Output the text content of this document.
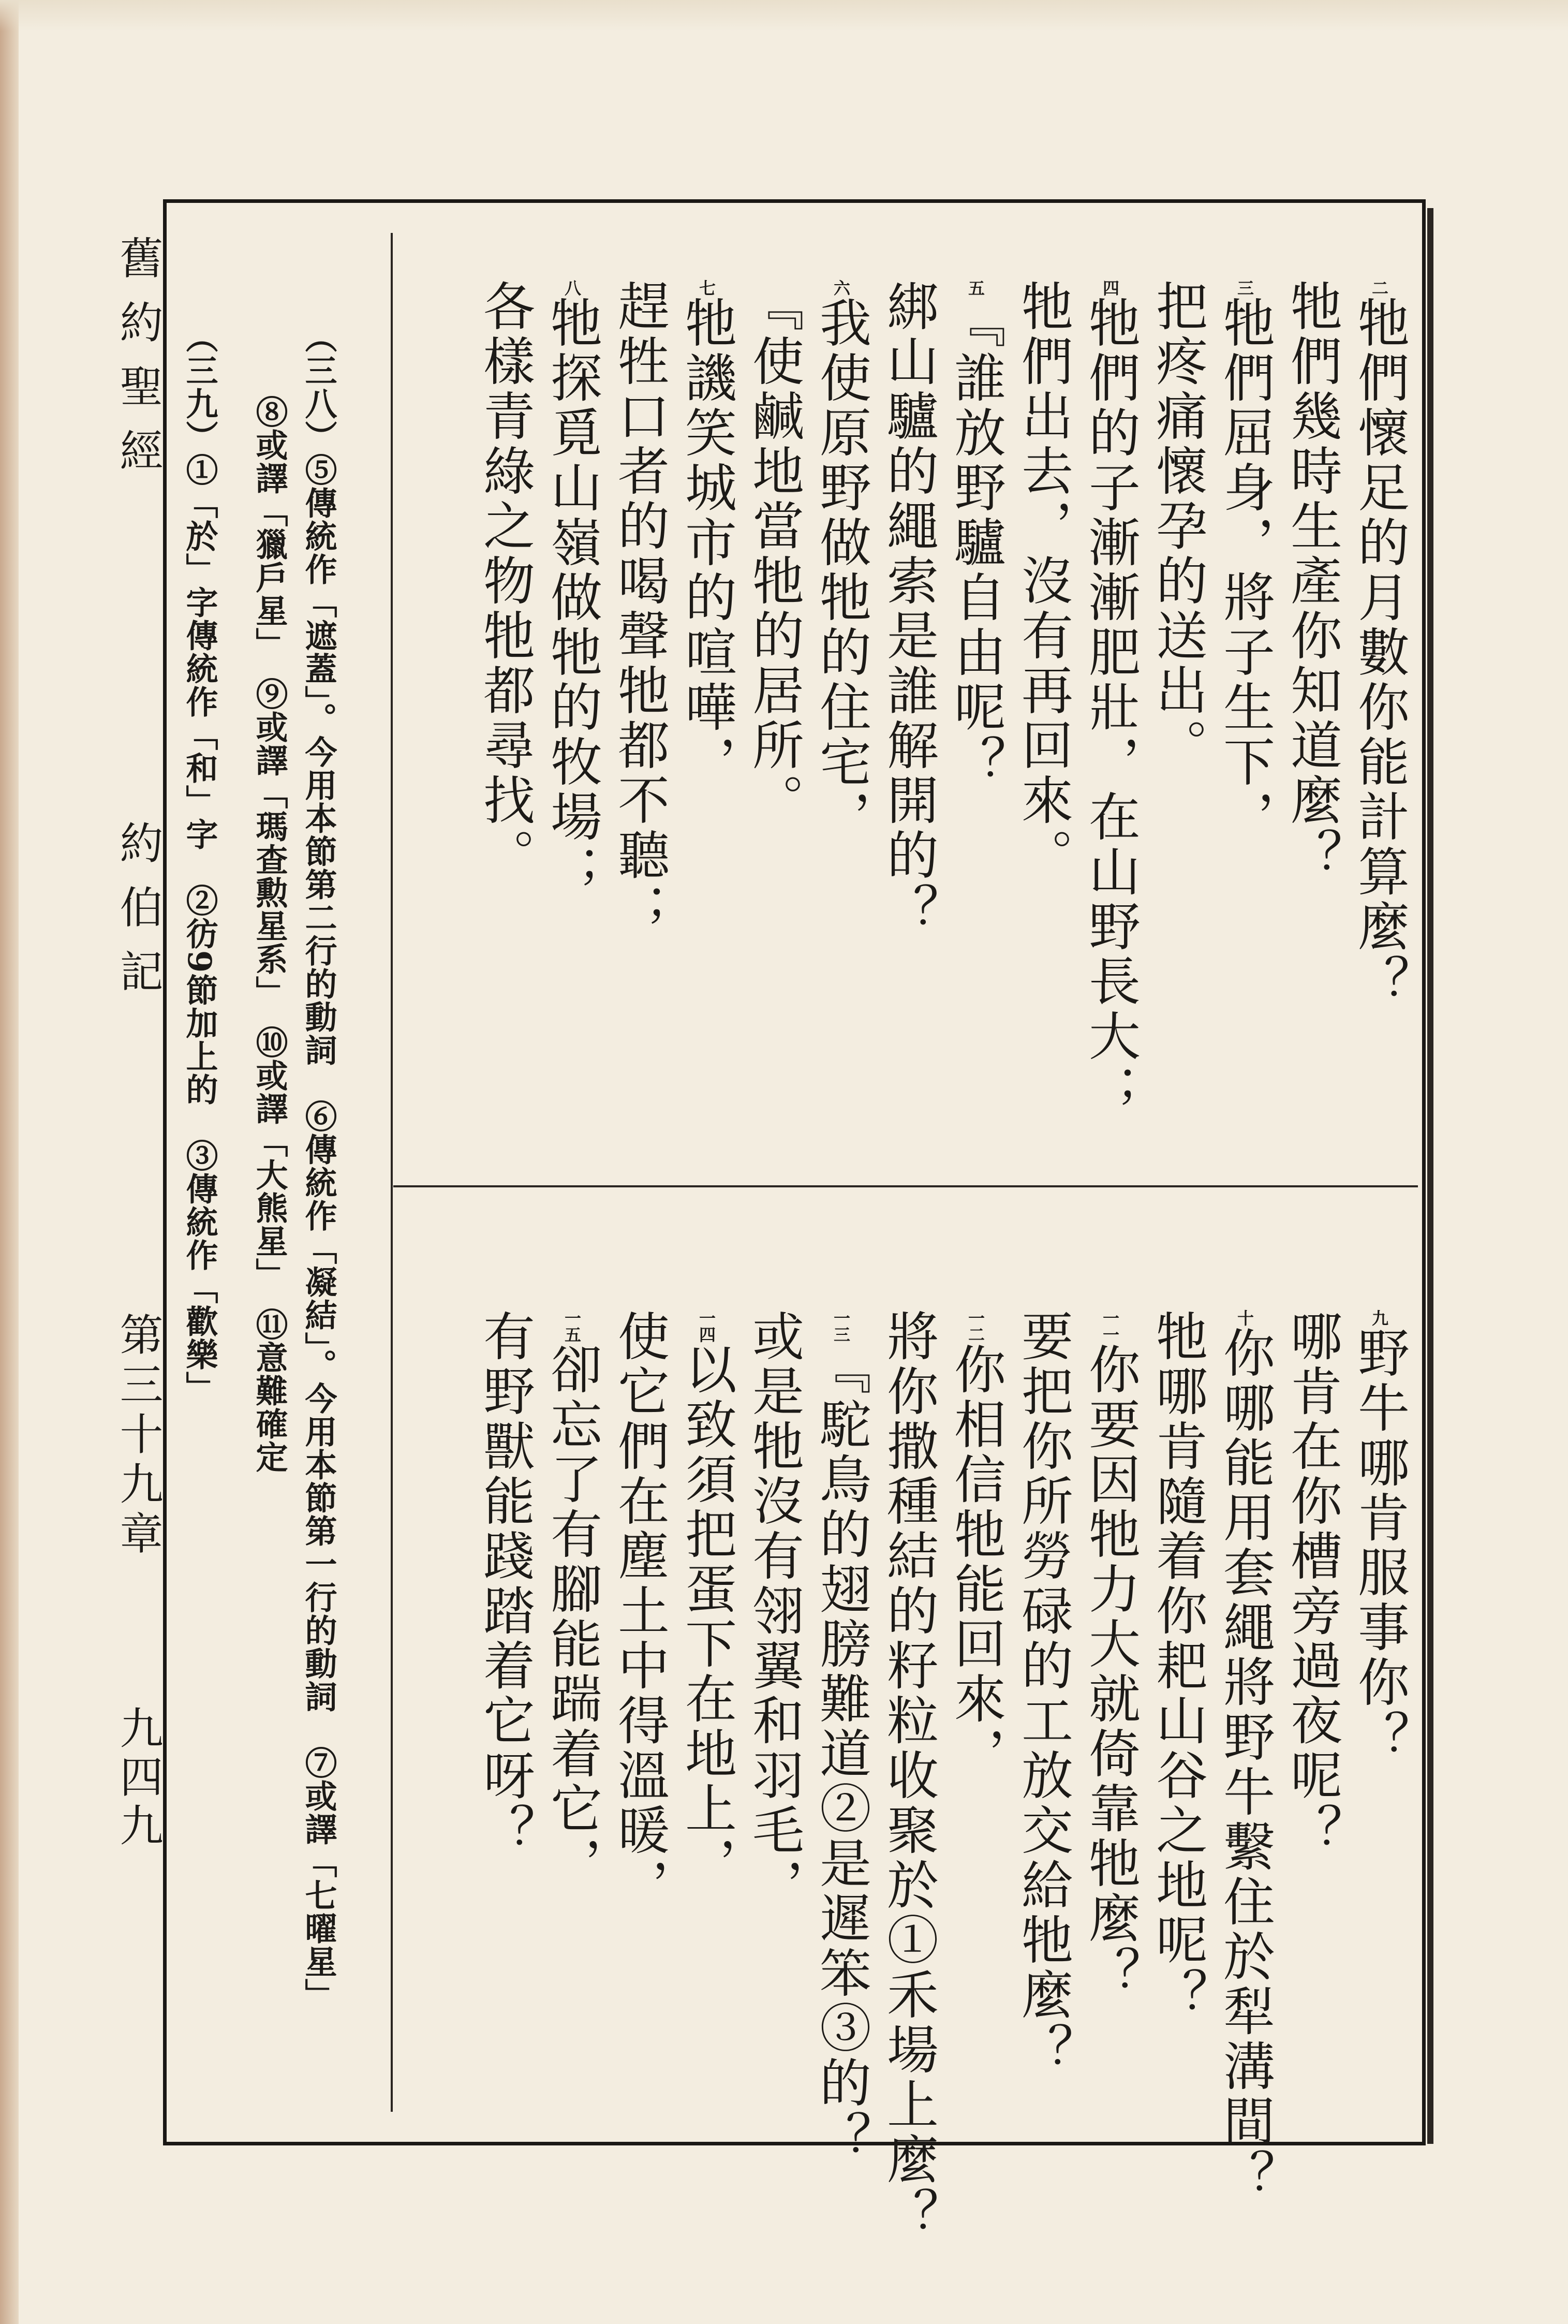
舊約聖經
約伯記
第三十九章
九四九
二牠們懷足的月數你能計算麼？
牠們幾時生產你知道麼？
三牠們屈身，將子生下，
把疼痛懷孕的送出。
四牠們的子漸漸肥壯，在山野長大；
牠們出去，沒有再回來。
五『誰放野驢自由呢？
綁山驢的繩索是誰解開的？
六我使原野做牠的住宅，
『使鹹地當牠的居所。
七牠譏笑城市的喧嘩，
趕牲口者的喝聲牠都不聽；
八牠探覓山嶺做牠的牧場；
各樣青綠之物牠都尋找。
九野牛哪肯服事你？
哪肯在你槽旁過夜呢？
十你哪能用套繩將野牛繫住於犁溝間？
牠哪肯隨着你耙山谷之地呢？
一一你要因牠力大就倚靠牠麼？
要把你所勞碌的工放交給牠麼？
一二你相信牠能回來，
將你撒種結的籽粒收聚於①禾場上麼？
一三『駝鳥的翅膀難道②是遲笨③的？
或是牠沒有翎翼和羽毛，
一四以致須把蛋下在地上，
使它們在塵土中得溫暖，
一五卻忘了有腳能踹着它，
有野獸能踐踏着它呀？
（三八）⑤傳統作「遮蓋」。今用本節第二行的動詞　⑥傳統作「凝結」。今用本節第一行的動詞　⑦或譯「七曜星」
　⑧或譯「獵戶星」　⑨或譯「瑪查勲星系」　⑩或譯「大熊星」　⑪意難確定
（三九）①「於」字傳統作「和」字　②彷9節加上的　③傳統作「歡樂」
